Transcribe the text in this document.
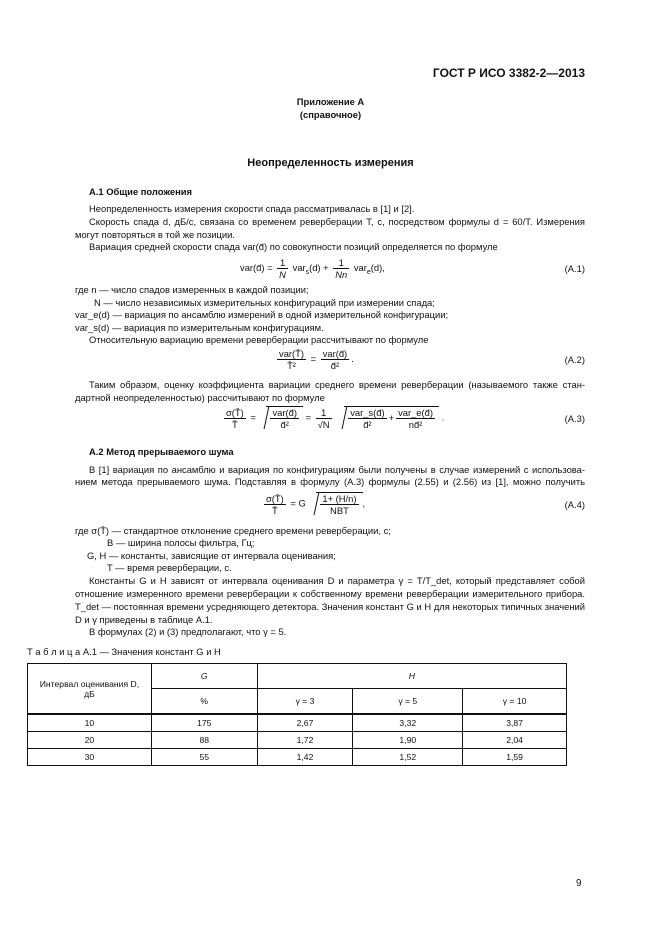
ГОСТ Р ИСО 3382-2—2013
Приложение А
(справочное)
Неопределенность измерения
А.1 Общие положения
Неопределенность измерения скорости спада рассматривалась в [1] и [2].
Скорость спада d, дБ/с, связана со временем реверберации T, с, посредством формулы d = 60/T. Измерения
могут повторяться в той же позиции.
Вариация средней скорости спада var(d̄) по совокупности позиций определяется по формуле
var(d̄) = $\frac{1}{N} var_s(d) + \frac{1}{Nn} var_e(d)$,	(А.1)
где n — число спадов измеренных в каждой позиции;
N — число независимых измерительных конфигураций при измерении спада;
var_e(d) — вариация по ансамблю измерений в одной измерительной конфигурации;
var_s(d) — вариация по измерительным конфигурациям.
Относительную вариацию времени реверберации рассчитывают по формуле
$\frac{\text{var(T̄)}}{\text{T̄²}} = \frac{\text{var(d̄)}}{\text{d̄²}}$ .	(А.2)
Таким образом, оценку коэффициента вариации среднего времени реверберации (называемого также стан-
дартной неопределенностью) рассчитывают по формуле
$\frac{\sigma(T̄)}{T̄} = \frac{\text{var(d̄)}}{\text{d̄²}} = \frac{1}{√N}$
$\frac{\text{var\_s(d̄)}}{\text{d̄²}} + \frac{\text{var\_e(d̄)}}{\text{nd̄²}}$ .	(А.3)
А.2 Метод прерываемого шума
В [1] вариация по ансамблю и вариация по конфигурациям были получены в случае измерений с использова-
нием метода прерываемого шума. Подставляя в формулу (А.3) формулы (2.55) и (2.56) из [1], можно получить
$\frac{\sigma(T̄)}{T̄} = G \frac{1+ (H/n)}{\text{NBT}}$ ,	(А.4)
где σ(T̄) — стандартное отклонение среднего времени реверберации, с;
B — ширина полосы фильтра, Гц;
G, H — константы, зависящие от интервала оценивания;
T — время реверберации, с.
Константы G и H зависят от интервала оценивания D и параметра γ = T/T_det, который представляет собой
отношение измеренного времени реверберации к собственному времени реверберации измерительного прибора.
T_det — постоянная времени усредняющего детектора. Значения констант G и H для некоторых типичных значений
D и γ приведены в таблице А.1.
В формулах (2) и (3) предполагают, что γ = 5.
Т а б л и ц а А.1 — Значения констант G и H
Интервал оценивания D, дБ	G	H		
	%	γ = 3	γ = 5	γ = 10
10	175	2,67	3,32	3,87
20	88	1,72	1,90	2,04
30	55	1,42	1,52	1,59
9
